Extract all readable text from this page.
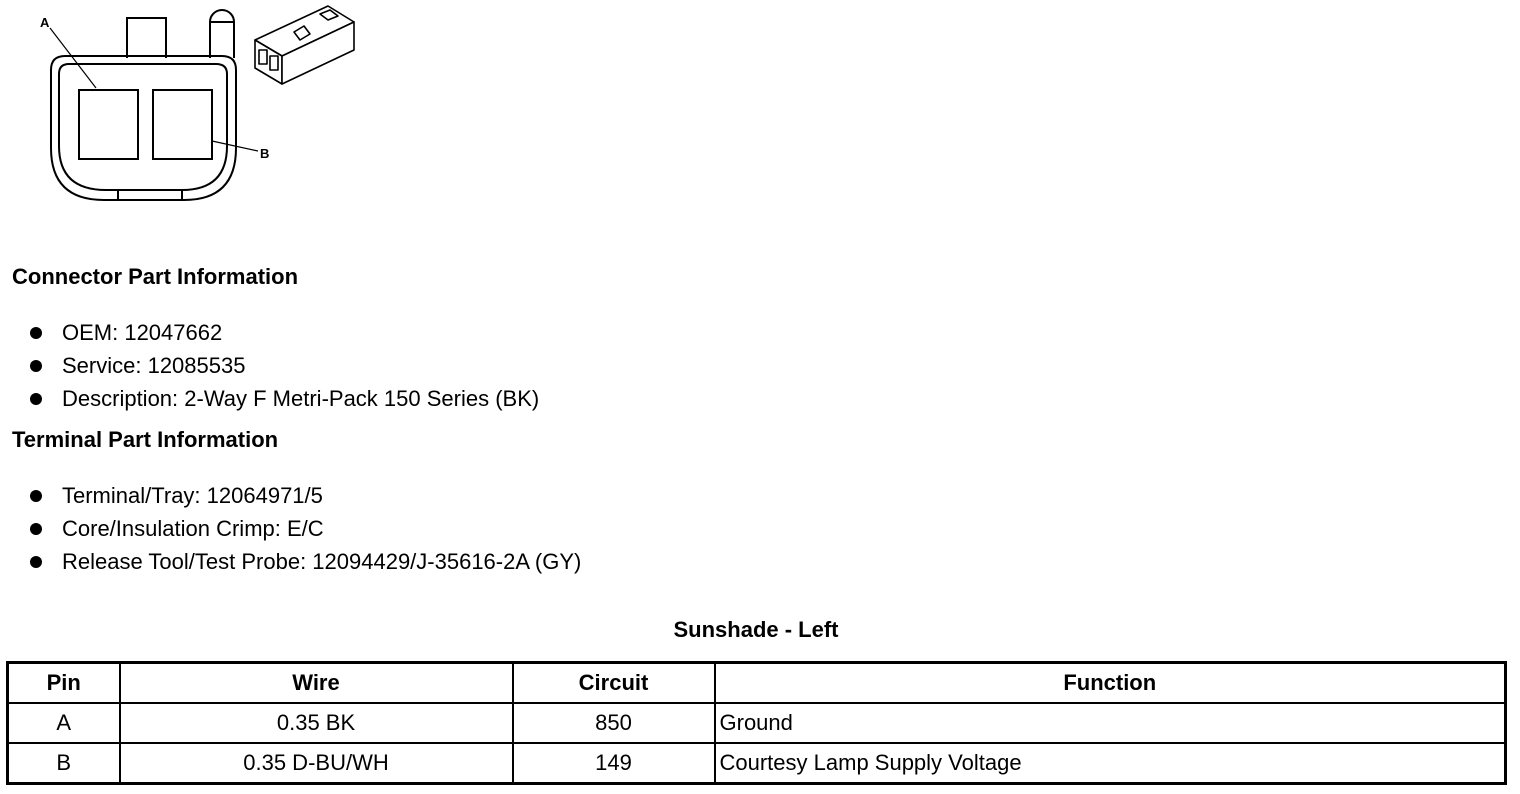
A
B
Connector Part Information
OEM: 12047662
Service: 12085535
Description: 2-Way F Metri-Pack 150 Series (BK)
Terminal Part Information
Terminal/Tray: 12064971/5
Core/Insulation Crimp: E/C
Release Tool/Test Probe: 12094429/J-35616-2A (GY)
Sunshade - Left
Pin	Wire	Circuit	Function
A	0.35 BK	850	Ground
B	0.35 D-BU/WH	149	Courtesy Lamp Supply Voltage
